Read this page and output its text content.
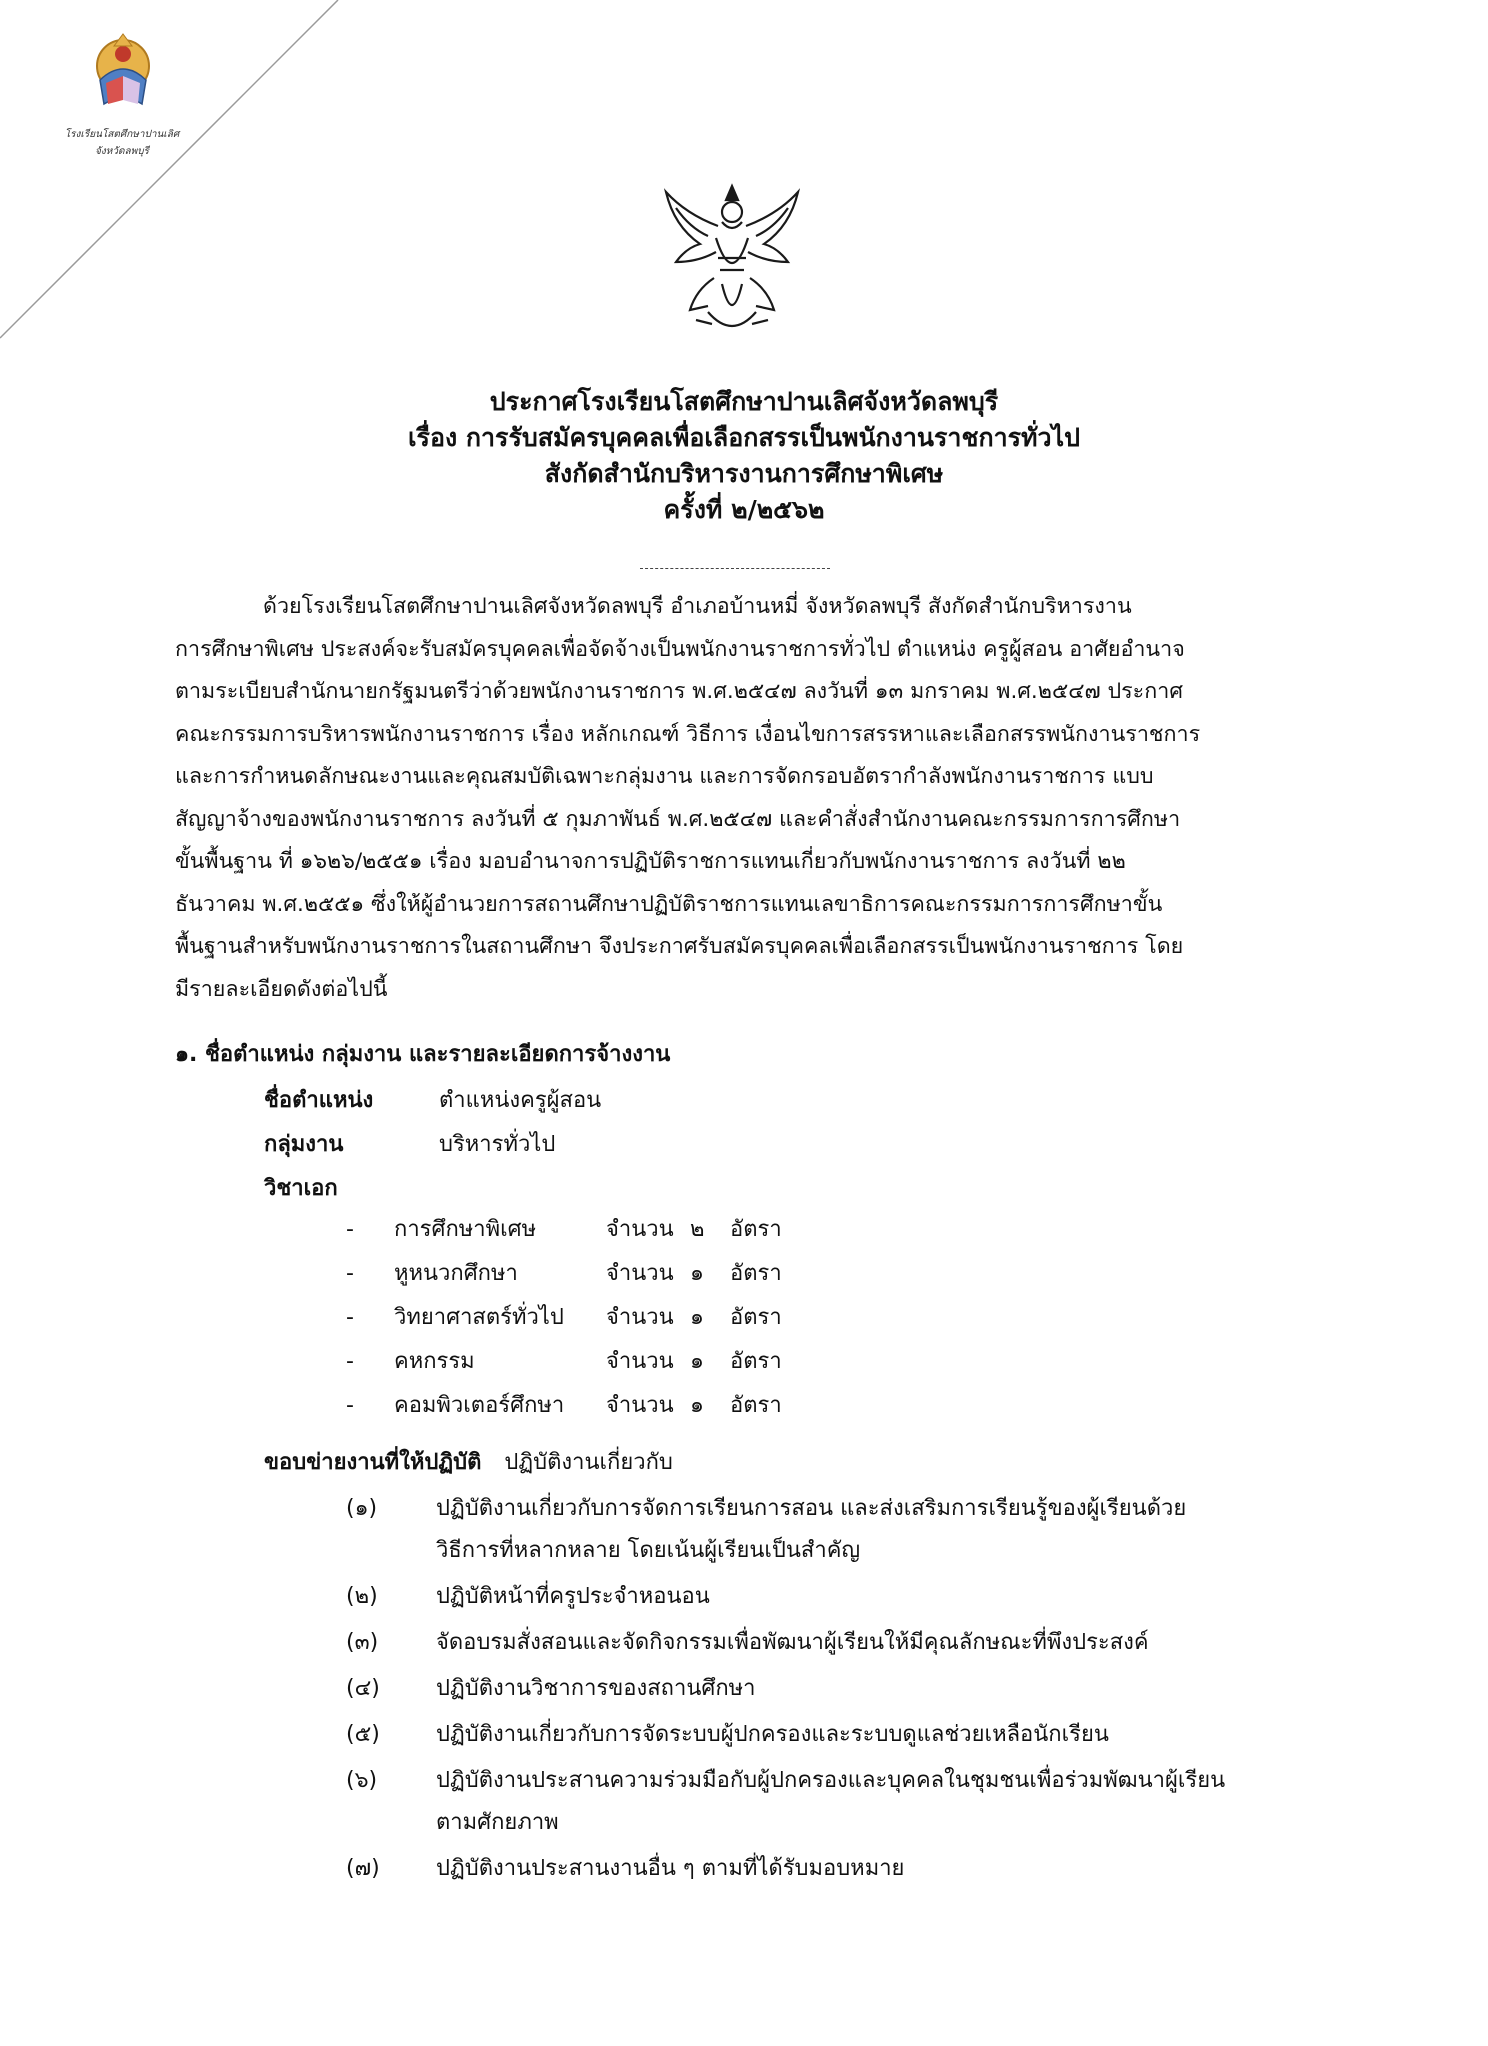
โรงเรียนโสตศึกษาปานเลิศ
จังหวัดลพบุรี
ประกาศโรงเรียนโสตศึกษาปานเลิศจังหวัดลพบุรี
เรื่อง การรับสมัครบุคคลเพื่อเลือกสรรเป็นพนักงานราชการทั่วไป
สังกัดสำนักบริหารงานการศึกษาพิเศษ
ครั้งที่ ๒/๒๕๖๒
ด้วยโรงเรียนโสตศึกษาปานเลิศจังหวัดลพบุรี อำเภอบ้านหมี่ จังหวัดลพบุรี สังกัดสำนักบริหารงาน
การศึกษาพิเศษ ประสงค์จะรับสมัครบุคคลเพื่อจัดจ้างเป็นพนักงานราชการทั่วไป ตำแหน่ง ครูผู้สอน อาศัยอำนาจ
ตามระเบียบสำนักนายกรัฐมนตรีว่าด้วยพนักงานราชการ พ.ศ.๒๕๔๗ ลงวันที่ ๑๓ มกราคม พ.ศ.๒๕๔๗ ประกาศ
คณะกรรมการบริหารพนักงานราชการ เรื่อง หลักเกณฑ์ วิธีการ เงื่อนไขการสรรหาและเลือกสรรพนักงานราชการ
และการกำหนดลักษณะงานและคุณสมบัติเฉพาะกลุ่มงาน และการจัดกรอบอัตรากำลังพนักงานราชการ แบบ
สัญญาจ้างของพนักงานราชการ ลงวันที่ ๕ กุมภาพันธ์ พ.ศ.๒๕๔๗ และคำสั่งสำนักงานคณะกรรมการการศึกษา
ขั้นพื้นฐาน ที่ ๑๖๒๖/๒๕๕๑ เรื่อง มอบอำนาจการปฏิบัติราชการแทนเกี่ยวกับพนักงานราชการ ลงวันที่ ๒๒
ธันวาคม พ.ศ.๒๕๕๑ ซึ่งให้ผู้อำนวยการสถานศึกษาปฏิบัติราชการแทนเลขาธิการคณะกรรมการการศึกษาขั้น
พื้นฐานสำหรับพนักงานราชการในสถานศึกษา จึงประกาศรับสมัครบุคคลเพื่อเลือกสรรเป็นพนักงานราชการ โดย
มีรายละเอียดดังต่อไปนี้
๑. ชื่อตำแหน่ง กลุ่มงาน และรายละเอียดการจ้างงาน
ชื่อตำแหน่ง	ตำแหน่งครูผู้สอน
กลุ่มงาน	บริหารทั่วไป
วิชาเอก
- การศึกษาพิเศษ	จำนวน ๒ อัตรา
- หูหนวกศึกษา	จำนวน ๑ อัตรา
- วิทยาศาสตร์ทั่วไป จำนวน ๑ อัตรา
- คหกรรม	จำนวน ๑ อัตรา
- คอมพิวเตอร์ศึกษา จำนวน ๑ อัตรา
ขอบข่ายงานที่ให้ปฏิบัติ ปฏิบัติงานเกี่ยวกับ
(๑)	ปฏิบัติงานเกี่ยวกับการจัดการเรียนการสอน และส่งเสริมการเรียนรู้ของผู้เรียนด้วย
วิธีการที่หลากหลาย โดยเน้นผู้เรียนเป็นสำคัญ
(๒)	ปฏิบัติหน้าที่ครูประจำหอนอน
(๓)	จัดอบรมสั่งสอนและจัดกิจกรรมเพื่อพัฒนาผู้เรียนให้มีคุณลักษณะที่พึงประสงค์
(๔)	ปฏิบัติงานวิชาการของสถานศึกษา
(๕)	ปฏิบัติงานเกี่ยวกับการจัดระบบผู้ปกครองและระบบดูแลช่วยเหลือนักเรียน
(๖)	ปฏิบัติงานประสานความร่วมมือกับผู้ปกครองและบุคคลในชุมชนเพื่อร่วมพัฒนาผู้เรียน
ตามศักยภาพ
(๗)	ปฏิบัติงานประสานงานอื่น ๆ ตามที่ได้รับมอบหมาย
